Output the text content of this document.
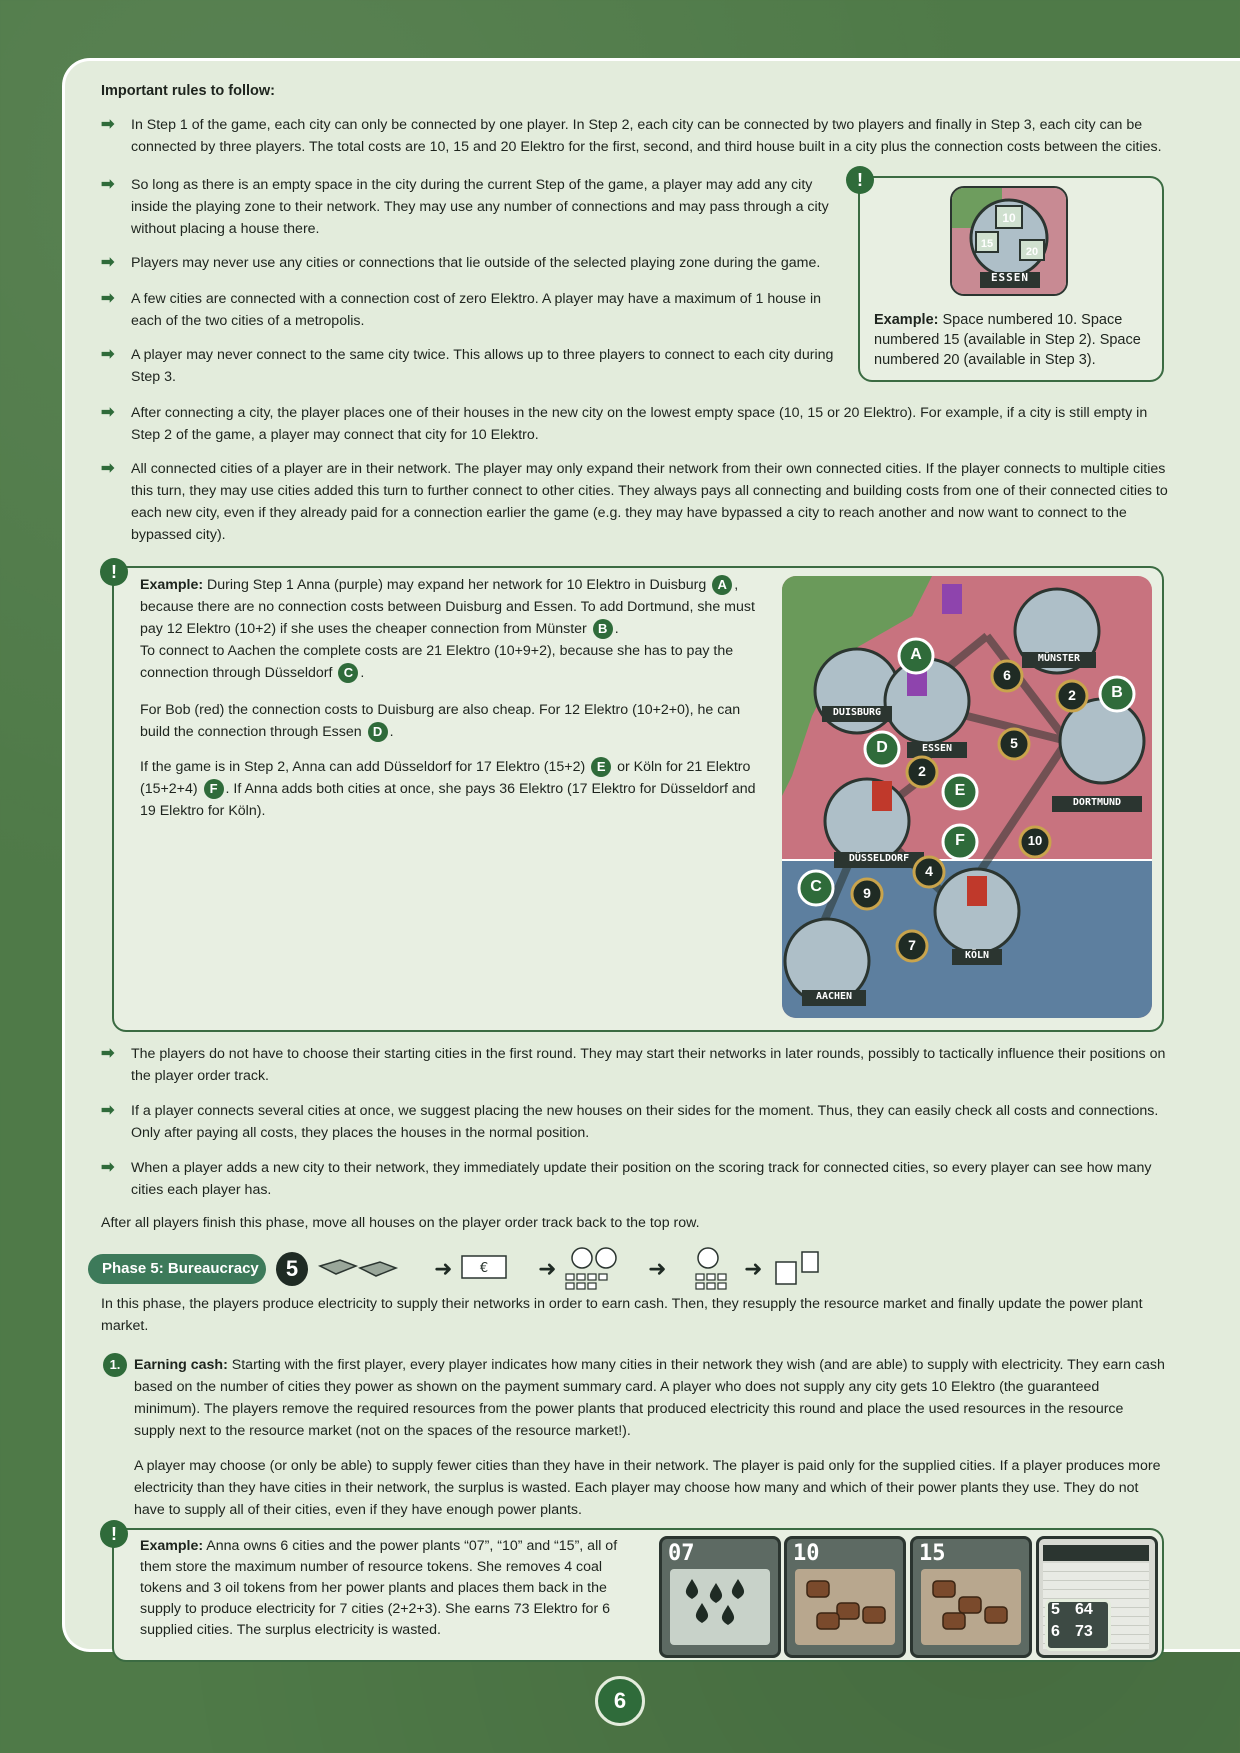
Important rules to follow:
➡ In Step 1 of the game, each city can only be connected by one player. In Step 2, each city can be connected by two players and finally in Step 3, each city can be connected by three players. The total costs are 10, 15 and 20 Elektro for the first, second, and third house built in a city plus the connection costs between the cities.
➡ So long as there is an empty space in the city during the current Step of the game, a player may add any city inside the playing zone to their network. They may use any number of connections and may pass through a city without placing a house there.
➡ Players may never use any cities or connections that lie outside of the selected playing zone during the game.
➡ A few cities are connected with a connection cost of zero Elektro. A player may have a maximum of 1 house in each of the two cities of a metropolis.
➡ A player may never connect to the same city twice. This allows up to three players to connect to each city during Step 3.
➡ After connecting a city, the player places one of their houses in the new city on the lowest empty space (10, 15 or 20 Elektro). For example, if a city is still empty in Step 2 of the game, a player may connect that city for 10 Elektro.
➡ All connected cities of a player are in their network. The player may only expand their network from their own connected cities. If the player connects to multiple cities this turn, they may use cities added this turn to further connect to other cities. They always pays all connecting and building costs from one of their connected cities to each new city, even if they already paid for a connection earlier the game (e.g. they may have bypassed a city to reach another and now want to connect to the bypassed city).
!
10
15
20
ESSEN
Example: Space numbered 10. Space numbered 15 (available in Step 2). Space numbered 20 (available in Step 3).
!
Example: During Step 1 Anna (purple) may expand her network for 10 Elektro in Duisburg A , because there are no connection costs between Duisburg and Essen. To add Dortmund, she must pay 12 Elektro (10+2) if she uses the cheaper connection from Münster B .
To connect to Aachen the complete costs are 21 Elektro (10+9+2), because she has to pay the connection through Düsseldorf C .
For Bob (red) the connection costs to Duisburg are also cheap. For 12 Elektro (10+2+0), he can build the connection through Essen D .
If the game is in Step 2, Anna can add Düsseldorf for 17 Elektro (15+2) E or Köln for 21 Elektro (15+2+4) F . If Anna adds both cities at once, she pays 36 Elektro (17 Elektro for Düsseldorf and 19 Elektro for Köln).
DUISBURG
ESSEN
MÜNSTER
DORTMUND
DÜSSELDORF
KÖLN
AACHEN
6
2
5
2
10
4
9
7
A
B
C
D
E
F
➡ The players do not have to choose their starting cities in the first round. They may start their networks in later rounds, possibly to tactically influence their positions on the player order track.
➡ If a player connects several cities at once, we suggest placing the new houses on their sides for the moment. Thus, they can easily check all costs and connections. Only after paying all costs, they places the houses in the normal position.
➡ When a player adds a new city to their network, they immediately update their position on the scoring track for connected cities, so every player can see how many cities each player has.
After all players finish this phase, move all houses on the player order track back to the top row.
Phase 5: Bureaucracy	5	➜ € ➜	➜	➜
In this phase, the players produce electricity to supply their networks in order to earn cash. Then, they resupply the resource market and finally update the power plant market.
1. Earning cash: Starting with the first player, every player indicates how many cities in their network they wish (and are able) to supply with electricity. They earn cash based on the number of cities they power as shown on the payment summary card. A player who does not supply any city gets 10 Elektro (the guaranteed minimum). The players remove the required resources from the power plants that produced electricity this round and place the used resources in the resource supply next to the resource market (not on the spaces of the resource market!).
A player may choose (or only be able) to supply fewer cities than they have in their network. The player is paid only for the supplied cities. If a player produces more electricity than they have cities in their network, the surplus is wasted. Each player may choose how many and which of their power plants they use. They do not have to supply all of their cities, even if they have enough power plants.
!
Example: Anna owns 6 cities and the power plants “07”, “10” and “15”, all of them store the maximum number of resource tokens. She removes 4 coal tokens and 3 oil tokens from her power plants and places them back in the supply to produce electricity for 7 cities (2+2+3). She earns 73 Elektro for 6 supplied cities. The surplus electricity is wasted.
07	10	15
5 64
6 73
6
